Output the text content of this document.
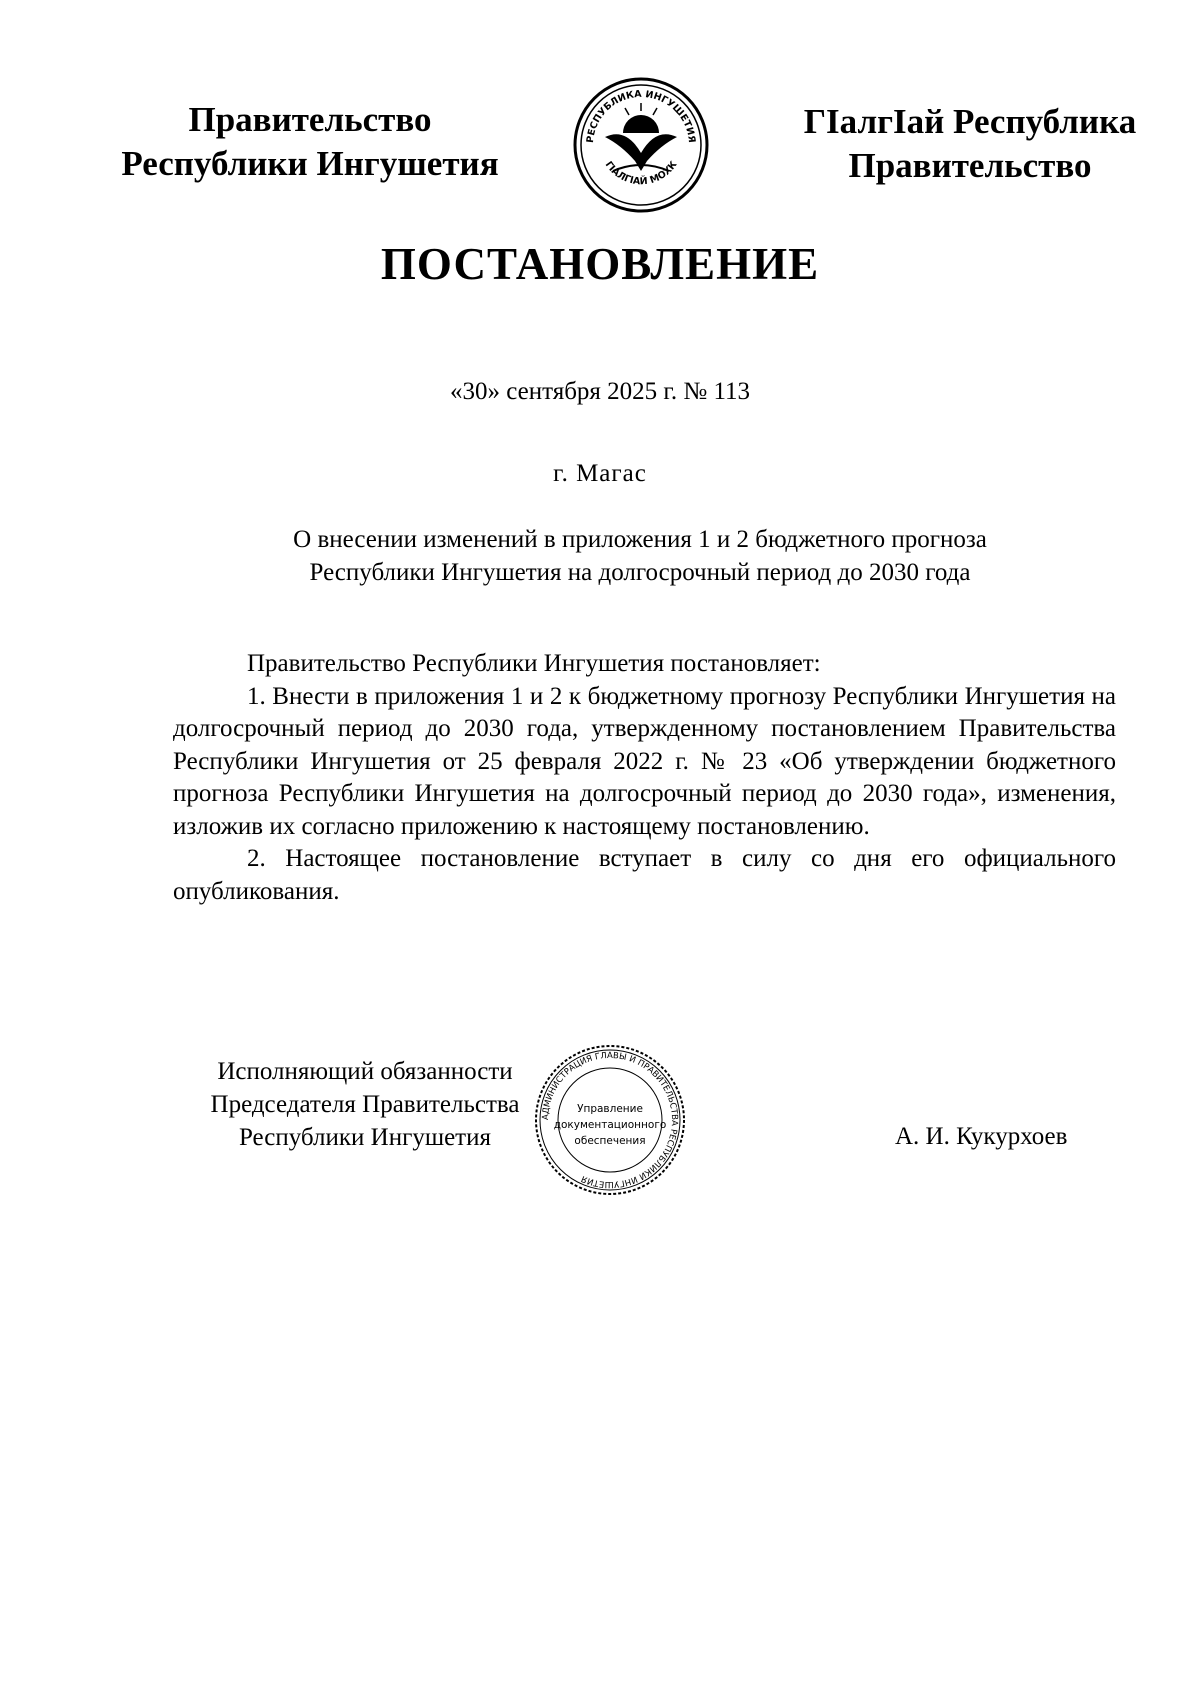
Правительство
Республики Ингушетия
РЕСПУБЛИКА ИНГУШЕТИЯ
ГIАЛГIАЙ МОХК
ГIалгIай Республика
Правительство
ПОСТАНОВЛЕНИЕ
«30» сентября 2025 г. № 113
г. Магас
О внесении изменений в приложения 1 и 2 бюджетного прогноза
Республики Ингушетия на долгосрочный период до 2030 года

Правительство Республики Ингушетия постановляет:

1. Внести в приложения 1 и 2 к бюджетному прогнозу Республики Ингушетия на долгосрочный период до 2030 года, утвержденному постановлением Правительства Республики Ингушетия от 25 февраля 2022 г. № 23 «Об утверждении бюджетного прогноза Республики Ингушетия на долгосрочный период до 2030 года», изменения, изложив их согласно приложению к настоящему постановлению.

2. Настоящее постановление вступает в силу со дня его официального опубликования.

Исполняющий обязанности
Председателя Правительства
Республики Ингушетия
АДМИНИСТРАЦИЯ ГЛАВЫ И ПРАВИТЕЛЬСТВА РЕСПУБЛИКИ ИНГУШЕТИЯ
Управление
документационного
обеспечения	А. И. Кукурхоев
